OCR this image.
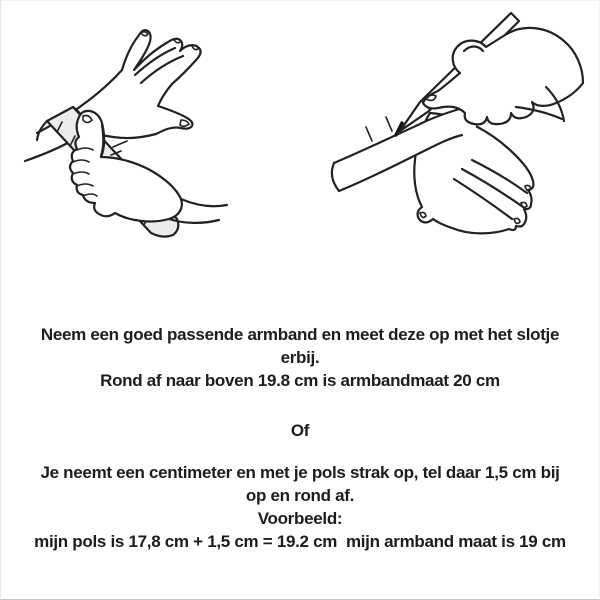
Neem een goed passende armband en meet deze op met het slotje
erbij.
Rond af naar boven 19.8 cm is armbandmaat 20 cm
Of
Je neemt een centimeter en met je pols strak op, tel daar 1,5 cm bij
op en rond af.
Voorbeeld:
mijn pols is 17,8 cm + 1,5 cm = 19.2 cm  mijn armband maat is 19 cm
